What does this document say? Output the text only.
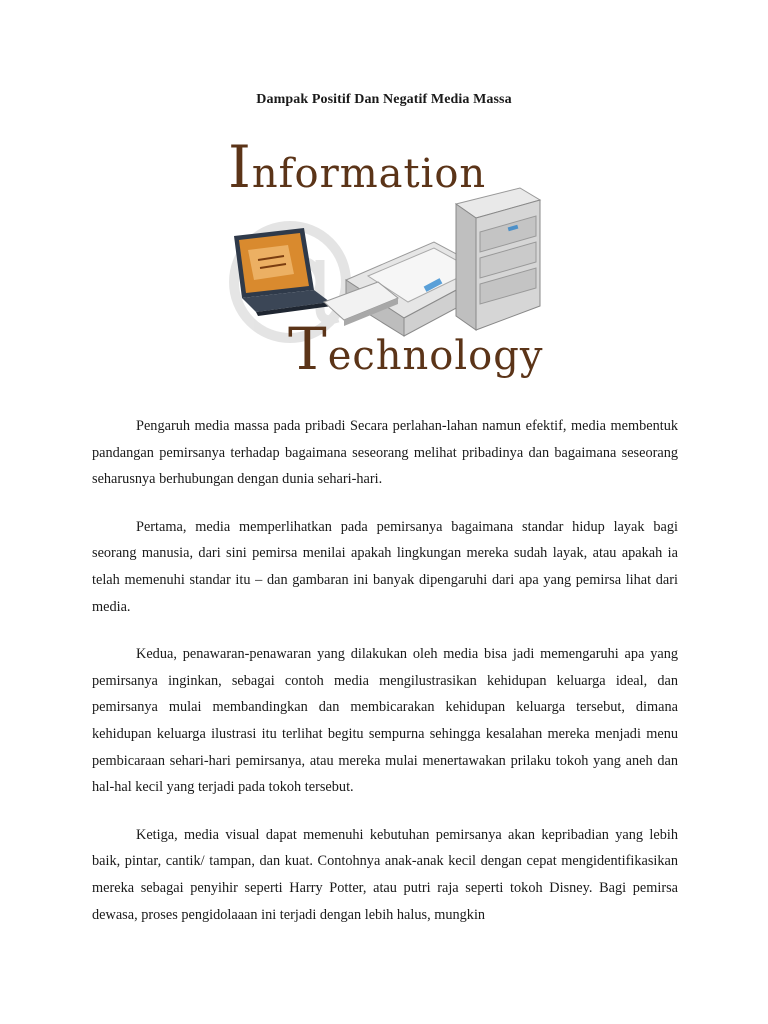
Dampak Positif Dan Negatif Media Massa
Information
Technology

Pengaruh media massa pada pribadi Secara perlahan-lahan namun efektif, media membentuk pandangan pemirsanya terhadap bagaimana seseorang melihat pribadinya dan bagaimana seseorang seharusnya berhubungan dengan dunia sehari-hari.

Pertama, media memperlihatkan pada pemirsanya bagaimana standar hidup layak bagi seorang manusia, dari sini pemirsa menilai apakah lingkungan mereka sudah layak, atau apakah ia telah memenuhi standar itu – dan gambaran ini banyak dipengaruhi dari apa yang pemirsa lihat dari media.

Kedua, penawaran-penawaran yang dilakukan oleh media bisa jadi memengaruhi apa yang pemirsanya inginkan, sebagai contoh media mengilustrasikan kehidupan keluarga ideal, dan pemirsanya mulai membandingkan dan membicarakan kehidupan keluarga tersebut, dimana kehidupan keluarga ilustrasi itu terlihat begitu sempurna sehingga kesalahan mereka menjadi menu pembicaraan sehari-hari pemirsanya, atau mereka mulai menertawakan prilaku tokoh yang aneh dan hal-hal kecil yang terjadi pada tokoh tersebut.

Ketiga, media visual dapat memenuhi kebutuhan pemirsanya akan kepribadian yang lebih baik, pintar, cantik/ tampan, dan kuat. Contohnya anak-anak kecil dengan cepat mengidentifikasikan mereka sebagai penyihir seperti Harry Potter, atau putri raja seperti tokoh Disney. Bagi pemirsa dewasa, proses pengidolaaan ini terjadi dengan lebih halus, mungkin
